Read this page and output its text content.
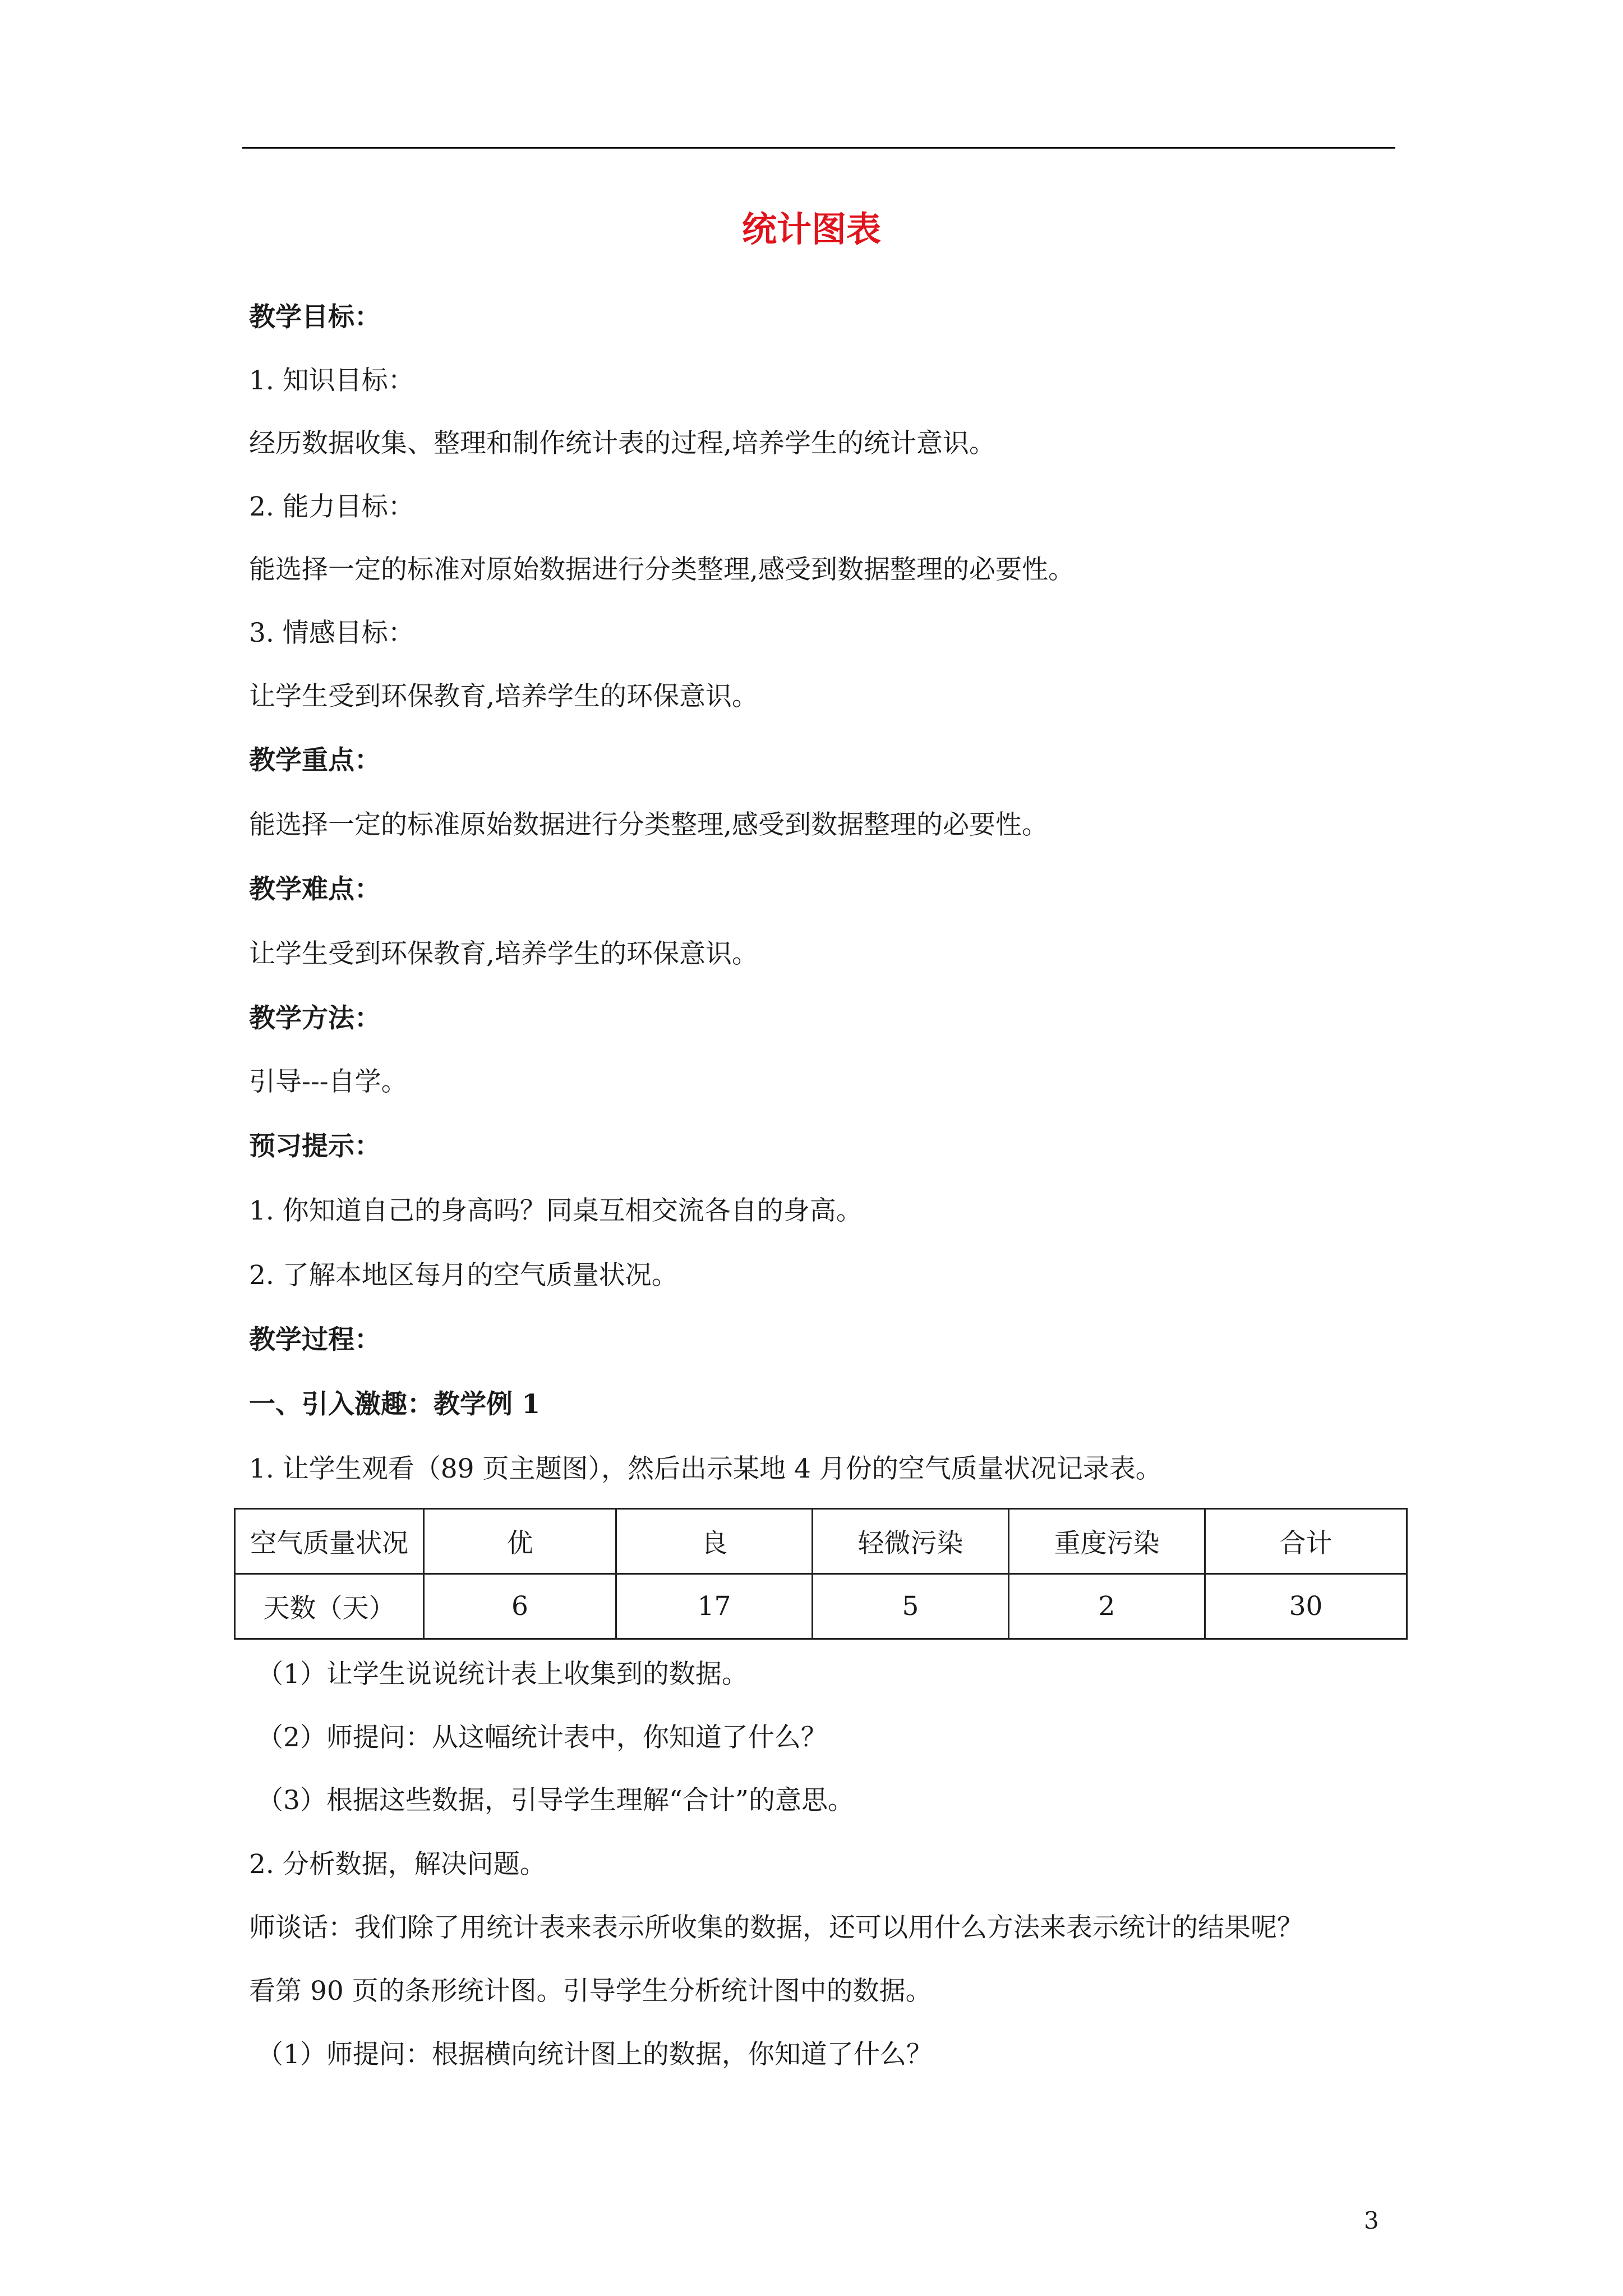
统计图表
教学目标：
1. 知识目标：
经历数据收集、整理和制作统计表的过程,培养学生的统计意识。
2. 能力目标：
能选择一定的标准对原始数据进行分类整理,感受到数据整理的必要性。
3. 情感目标：
让学生受到环保教育,培养学生的环保意识。
教学重点：
能选择一定的标准原始数据进行分类整理,感受到数据整理的必要性。
教学难点：
让学生受到环保教育,培养学生的环保意识。
教学方法：
引导---自学。
预习提示：
1. 你知道自己的身高吗？同桌互相交流各自的身高。
2. 了解本地区每月的空气质量状况。
教学过程：
一、引入激趣：教学例 1
1. 让学生观看（89 页主题图），然后出示某地 4 月份的空气质量状况记录表。
空气质量状况	优	良	轻微污染	重度污染	合计
天数（天）	6	17	5	2	30
（1）让学生说说统计表上收集到的数据。
（2）师提问：从这幅统计表中，你知道了什么？
（3）根据这些数据，引导学生理解“合计”的意思。
2. 分析数据，解决问题。
师谈话：我们除了用统计表来表示所收集的数据，还可以用什么方法来表示统计的结果呢？
看第 90 页的条形统计图。引导学生分析统计图中的数据。
（1）师提问：根据横向统计图上的数据，你知道了什么？
3
